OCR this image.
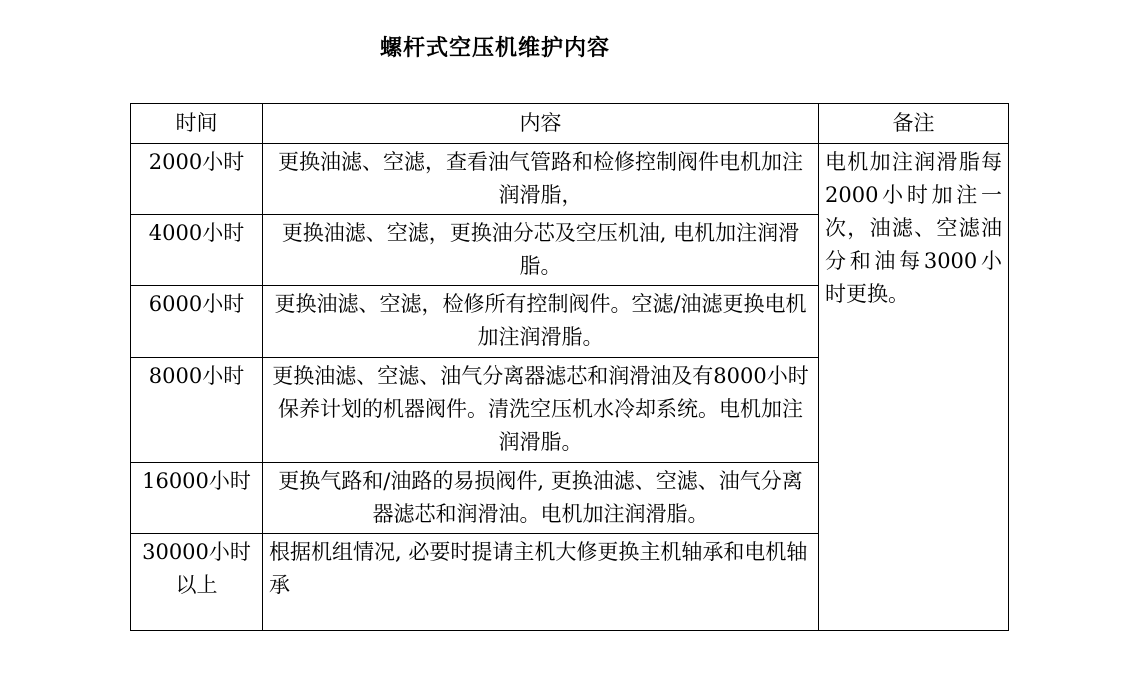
螺杆式空压机维护内容
时间	内容	备注
2000小时	更换油滤、空滤，查看油气管路和检修控制阀件电机加注润滑脂，	电机加注润滑脂每2000小时加注一次，油滤、空滤油分和油每3000小时更换。
4000小时	更换油滤、空滤，更换油分芯及空压机油, 电机加注润滑脂。	
6000小时	更换油滤、空滤，检修所有控制阀件。空滤/油滤更换电机加注润滑脂。	
8000小时	更换油滤、空滤、油气分离器滤芯和润滑油及有8000小时保养计划的机器阀件。清洗空压机水冷却系统。电机加注润滑脂。	
16000小时	更换气路和/油路的易损阀件, 更换油滤、空滤、油气分离器滤芯和润滑油。电机加注润滑脂。	
30000小时以上	根据机组情况, 必要时提请主机大修更换主机轴承和电机轴承	
